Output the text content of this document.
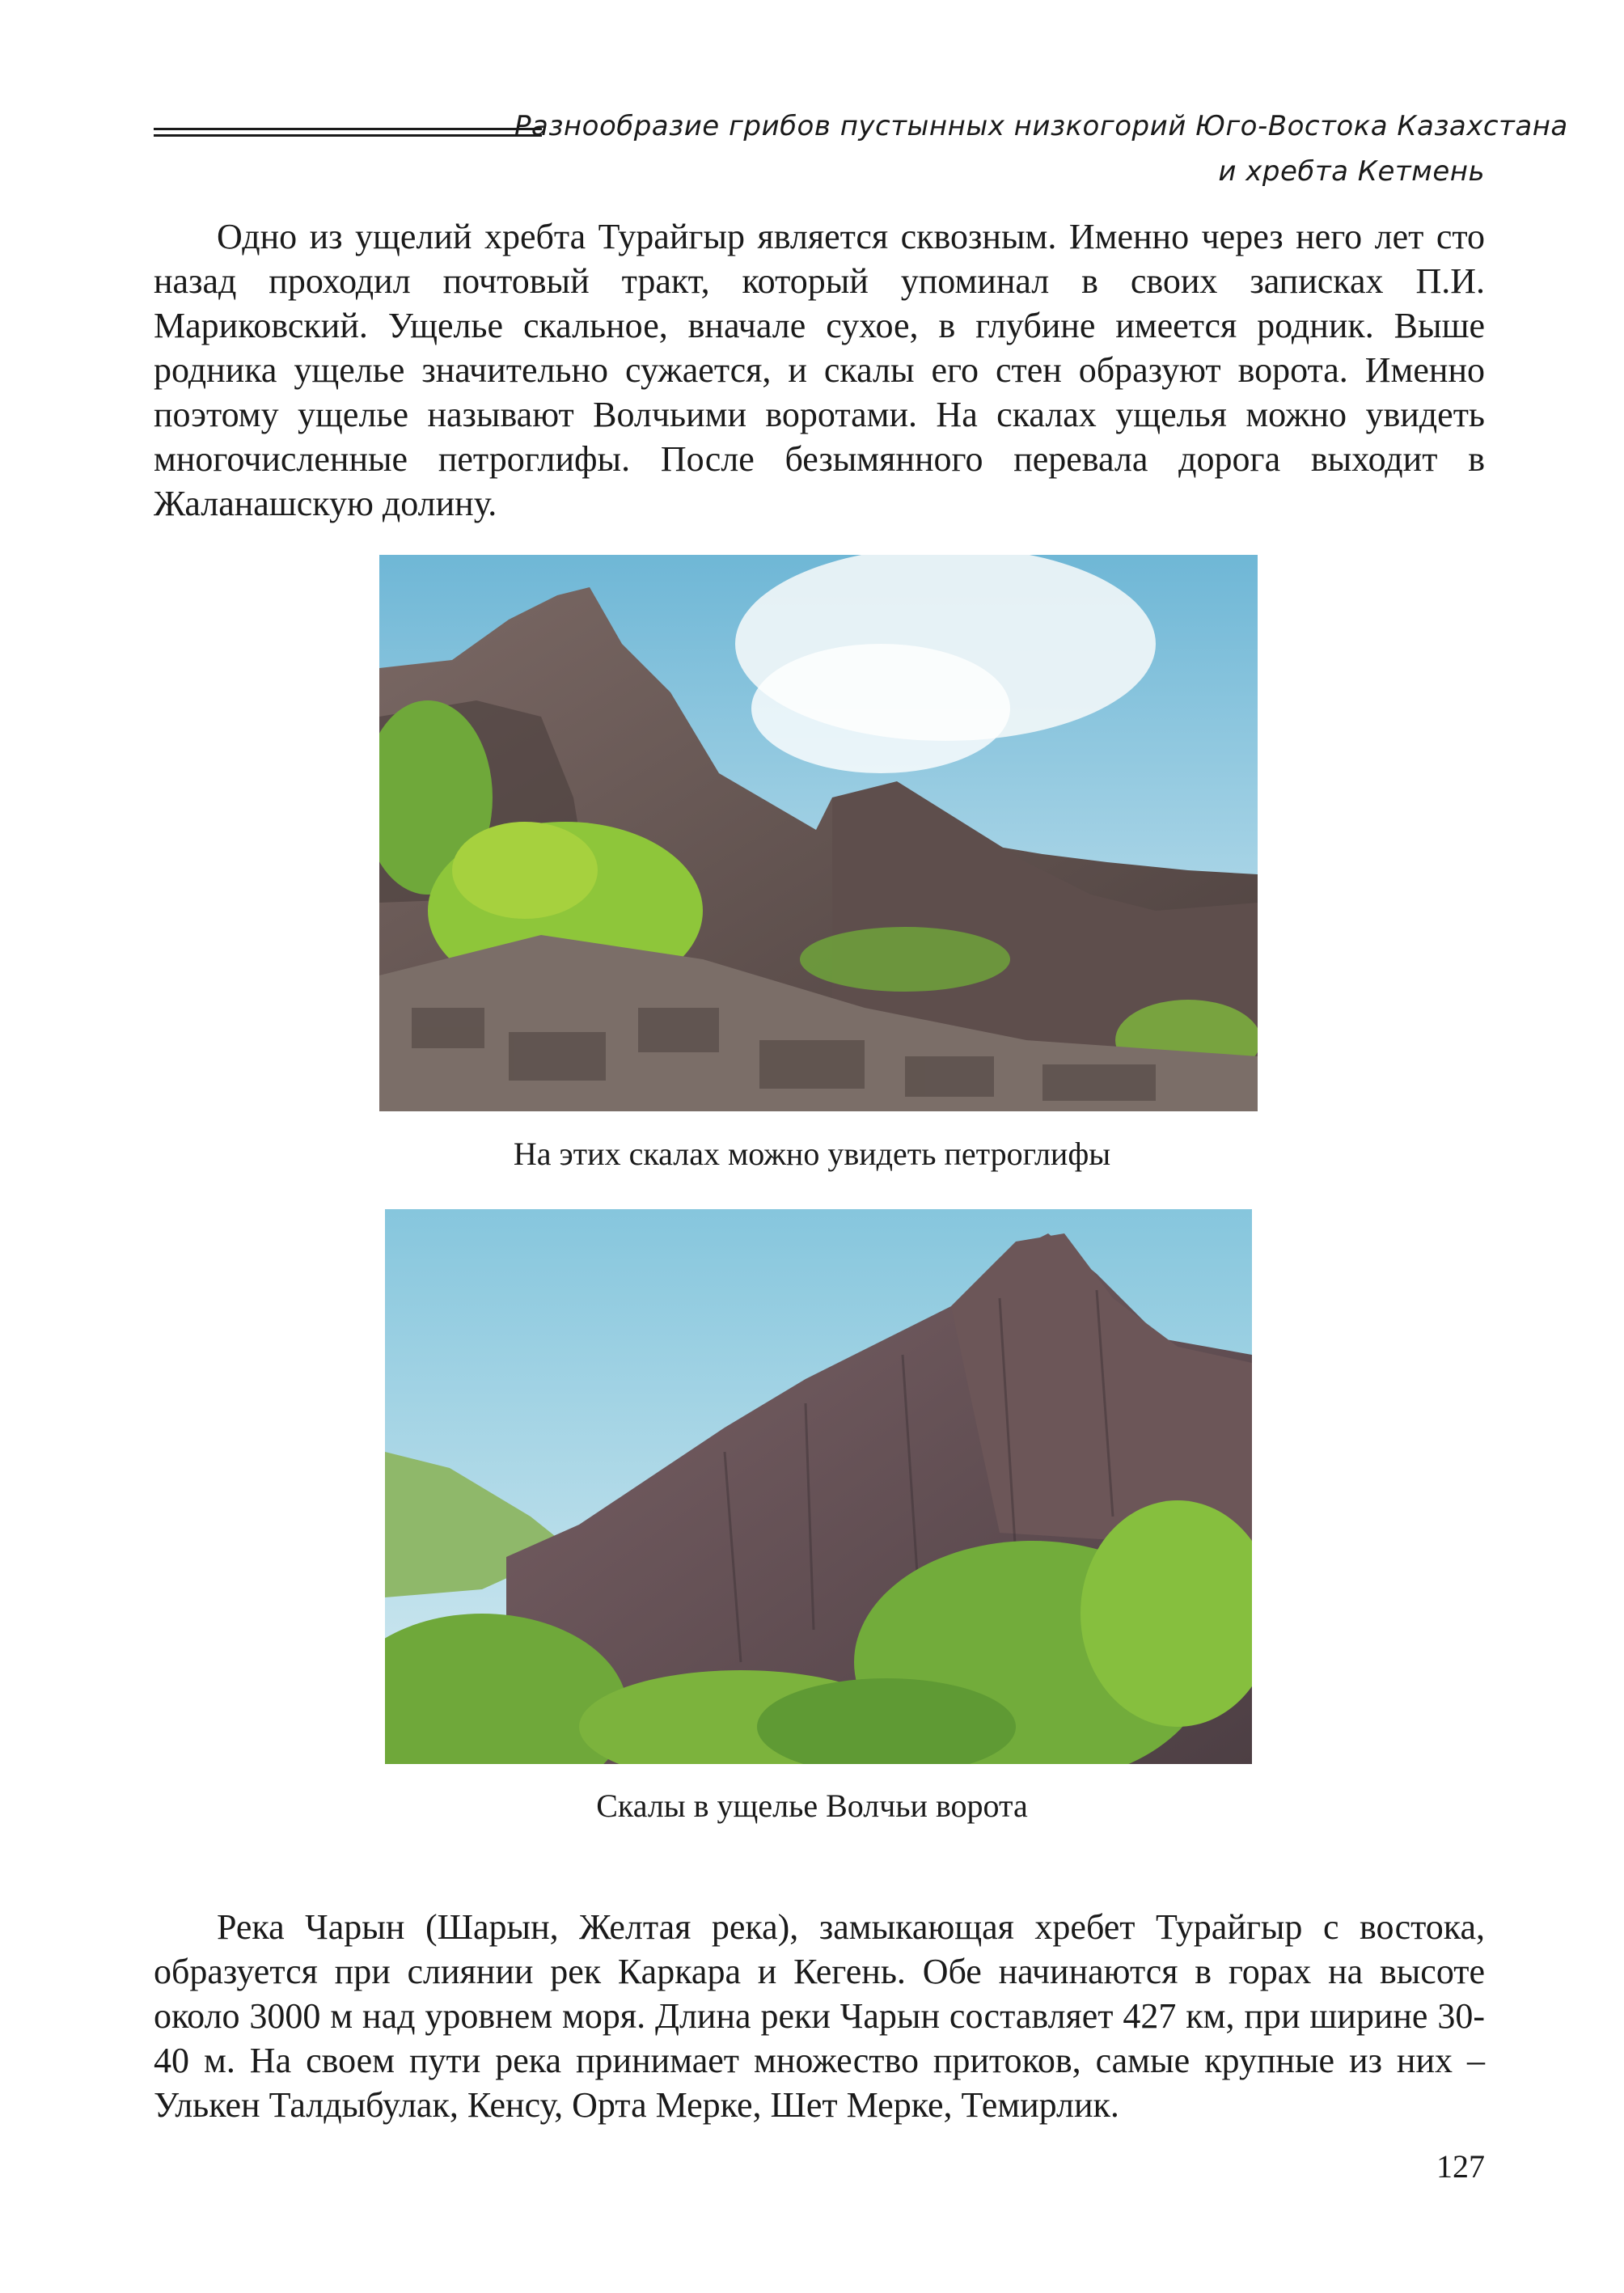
Разнообразие грибов пустынных низкогорий Юго-Востока Казахстана
и хребта Кетмень

Одно из ущелий хребта Турайгыр является сквозным. Именно через него лет сто назад проходил почтовый тракт, который упоминал в своих записках П.И. Мариковский. Ущелье скальное, вначале сухое, в глубине имеется родник. Выше родника ущелье значительно сужается, и скалы его стен образуют ворота. Именно поэтому ущелье называют Волчьими воротами. На скалах ущелья можно увидеть многочисленные петроглифы. После безымянного перевала дорога выходит в Жаланашскую долину.

На этих скалах можно увидеть петроглифы
Скалы в ущелье Волчьи ворота

Река Чарын (Шарын, Желтая река), замыкающая хребет Турайгыр с востока, образуется при слиянии рек Каркара и Кегень. Обе начинаются в горах на высоте около 3000 м над уровнем моря. Длина реки Чарын составляет 427 км, при ширине 30-40 м. На своем пути река принимает множество притоков, самые крупные из них – Улькен Талдыбулак, Кенсу, Орта Мерке, Шет Мерке, Темирлик.

127
